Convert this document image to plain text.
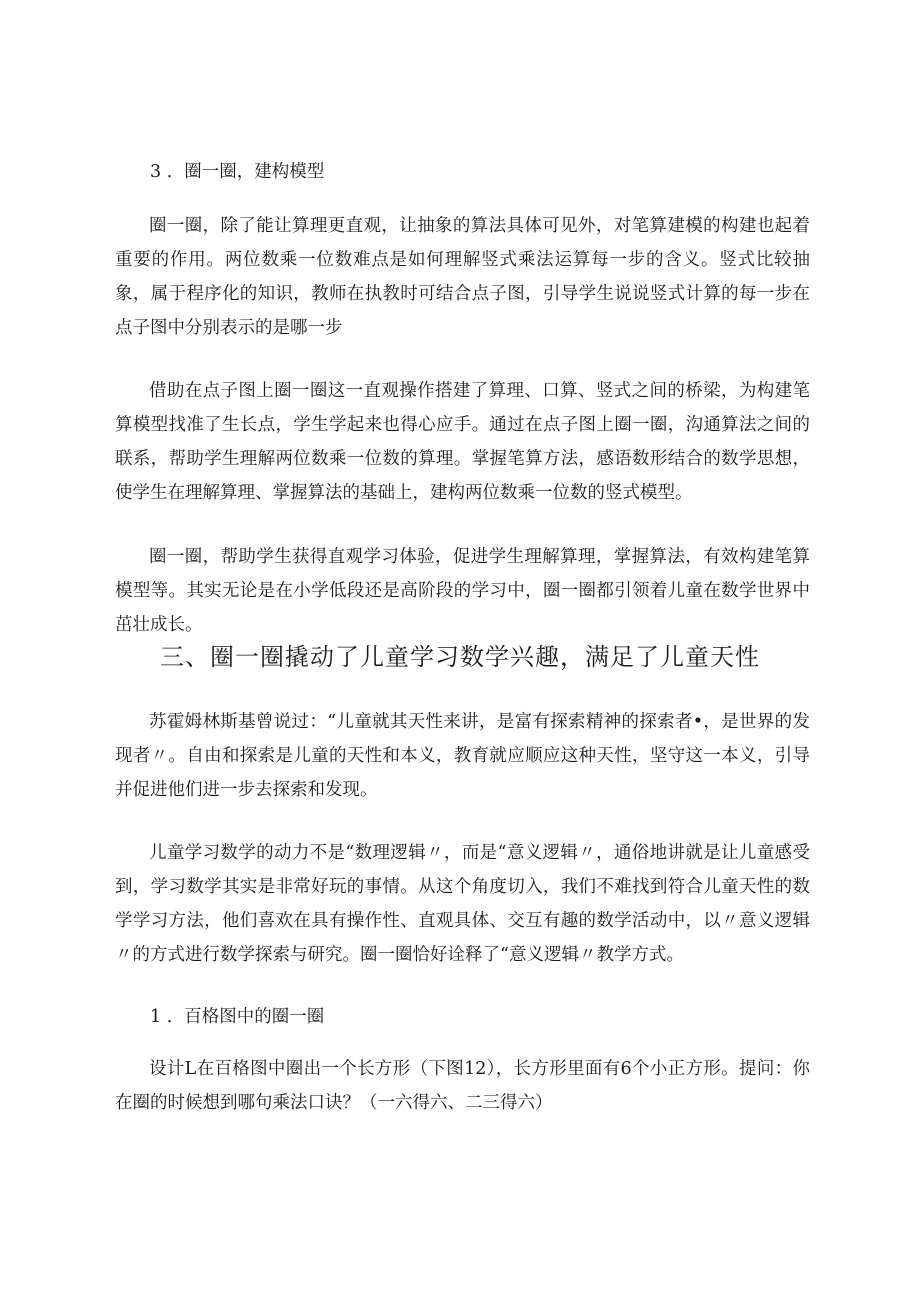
3 ．圈一圈，建构模型

圈一圈，除了能让算理更直观，让抽象的算法具体可见外，对笔算建模的构建也起着重要的作用。两位数乘一位数难点是如何理解竖式乘法运算每一步的含义。竖式比较抽象，属于程序化的知识，教师在执教时可结合点子图，引导学生说说竖式计算的每一步在点子图中分别表示的是哪一步

借助在点子图上圈一圈这一直观操作搭建了算理、口算、竖式之间的桥梁，为构建笔算模型找准了生长点，学生学起来也得心应手。通过在点子图上圈一圈，沟通算法之间的联系，帮助学生理解两位数乘一位数的算理。掌握笔算方法，感语数形结合的数学思想，使学生在理解算理、掌握算法的基础上，建构两位数乘一位数的竖式模型。

圈一圈，帮助学生获得直观学习体验，促进学生理解算理，掌握算法，有效构建笔算模型等。其实无论是在小学低段还是高阶段的学习中，圈一圈都引领着儿童在数学世界中茁壮成长。

三、圈一圈撬动了儿童学习数学兴趣，满足了儿童天性

苏霍姆林斯基曾说过：“儿童就其天性来讲，是富有探索精神的探索者•，是世界的发现者〃。自由和探索是儿童的天性和本义，教育就应顺应这种天性，坚守这一本义，引导并促进他们进一步去探索和发现。

儿童学习数学的动力不是“数理逻辑〃，而是“意义逻辑〃，通俗地讲就是让儿童感受到，学习数学其实是非常好玩的事情。从这个角度切入，我们不难找到符合儿童天性的数学学习方法，他们喜欢在具有操作性、直观具体、交互有趣的数学活动中，以〃意义逻辑〃的方式进行数学探索与研究。圈一圈恰好诠释了“意义逻辑〃教学方式。

1 ．百格图中的圈一圈

设计L在百格图中圈出一个长方形（下图12），长方形里面有6个小正方形。提问：你在圈的时候想到哪句乘法口诀？（一六得六、二三得六）
